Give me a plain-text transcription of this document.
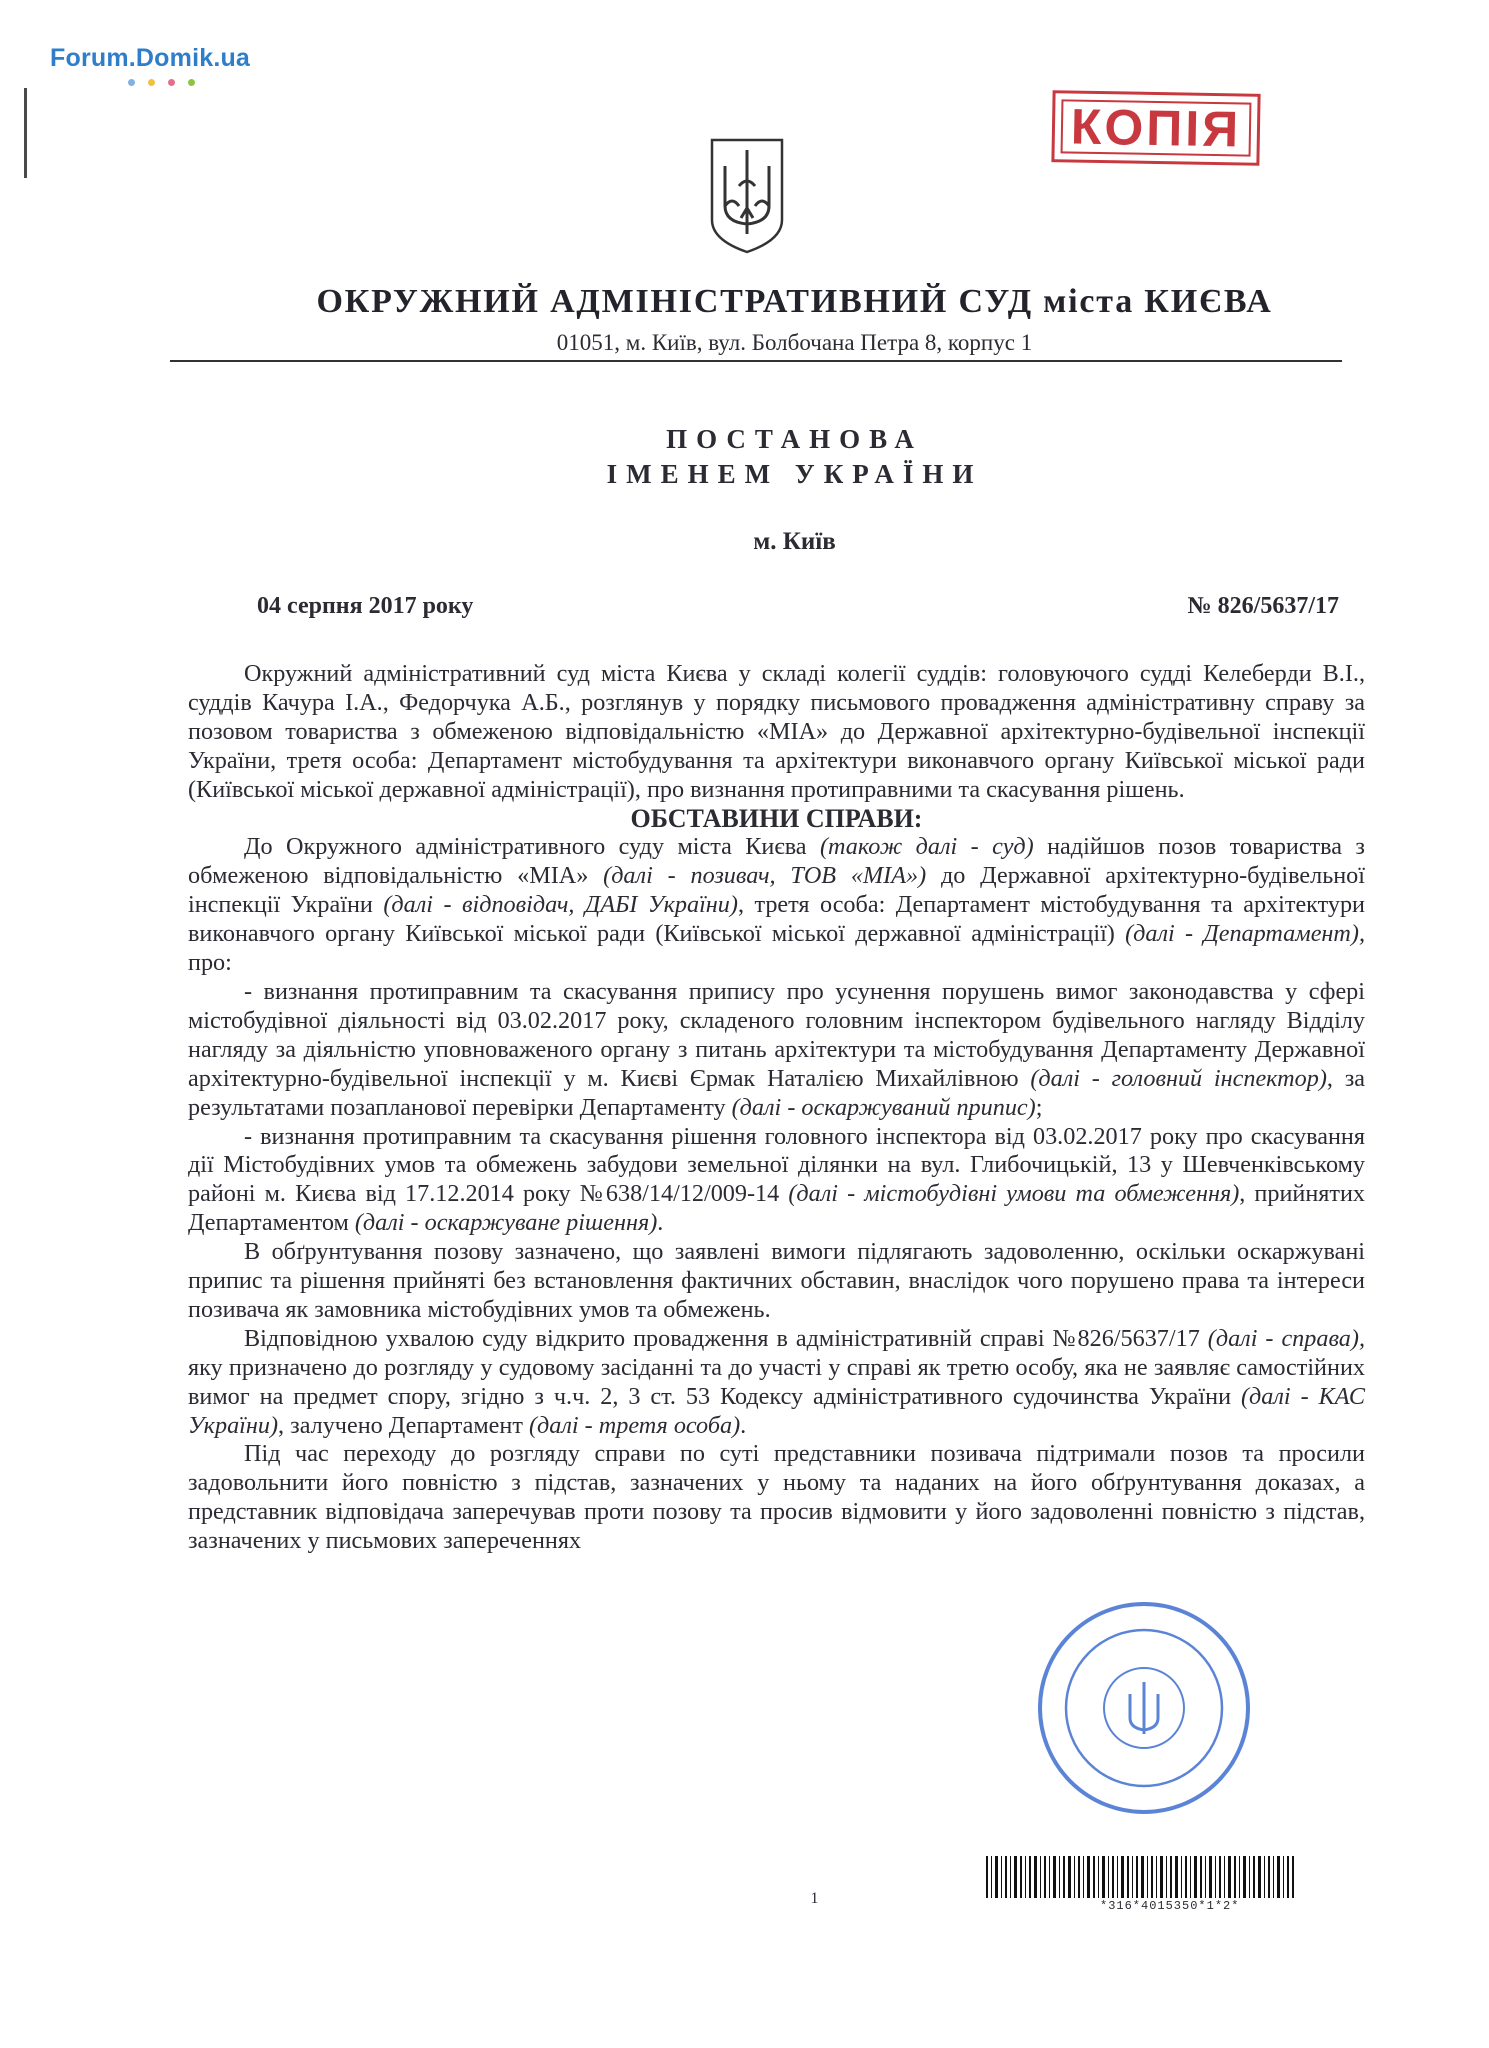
Forum.Domik.ua
КОПІЯ
ОКРУЖНИЙ АДМІНІСТРАТИВНИЙ СУД міста КИЄВА
01051, м. Київ, вул. Болбочана Петра 8, корпус 1
ПОСТАНОВА
ІМЕНЕМ УКРАЇНИ
м. Київ
04 серпня 2017 року	№ 826/5637/17

Окружний адміністративний суд міста Києва у складі колегії суддів: головуючого судді Келеберди В.І., суддів Качура І.А., Федорчука А.Б., розглянув у порядку письмового провадження адміністративну справу за позовом товариства з обмеженою відповідальністю «МІА» до Державної архітектурно-будівельної інспекції України, третя особа: Департамент містобудування та архітектури виконавчого органу Київської міської ради (Київської міської державної адміністрації), про визнання протиправними та скасування рішень.

ОБСТАВИНИ СПРАВИ:

До Окружного адміністративного суду міста Києва (також далі - суд) надійшов позов товариства з обмеженою відповідальністю «МІА» (далі - позивач, ТОВ «МІА») до Державної архітектурно-будівельної інспекції України (далі - відповідач, ДАБІ України), третя особа: Департамент містобудування та архітектури виконавчого органу Київської міської ради (Київської міської державної адміністрації) (далі - Департамент), про:

- визнання протиправним та скасування припису про усунення порушень вимог законодавства у сфері містобудівної діяльності від 03.02.2017 року, складеного головним інспектором будівельного нагляду Відділу нагляду за діяльністю уповноваженого органу з питань архітектури та містобудування Департаменту Державної архітектурно-будівельної інспекції у м. Києві Єрмак Наталією Михайлівною (далі - головний інспектор), за результатами позапланової перевірки Департаменту (далі - оскаржуваний припис);

- визнання протиправним та скасування рішення головного інспектора від 03.02.2017 року про скасування дії Містобудівних умов та обмежень забудови земельної ділянки на вул. Глибочицькій, 13 у Шевченківському районі м. Києва від 17.12.2014 року №638/14/12/009-14 (далі - містобудівні умови та обмеження), прийнятих Департаментом (далі - оскаржуване рішення).

В обґрунтування позову зазначено, що заявлені вимоги підлягають задоволенню, оскільки оскаржувані припис та рішення прийняті без встановлення фактичних обставин, внаслідок чого порушено права та інтереси позивача як замовника містобудівних умов та обмежень.

Відповідною ухвалою суду відкрито провадження в адміністративній справі №826/5637/17 (далі - справа), яку призначено до розгляду у судовому засіданні та до участі у справі як третю особу, яка не заявляє самостійних вимог на предмет спору, згідно з ч.ч. 2, 3 ст. 53 Кодексу адміністративного судочинства України (далі - КАС України), залучено Департамент (далі - третя особа).

Під час переходу до розгляду справи по суті представники позивача підтримали позов та просили задовольнити його повністю з підстав, зазначених у ньому та наданих на його обґрунтування доказах, а представник відповідача заперечував проти позову та просив відмовити у його задоволенні повністю з підстав, зазначених у письмових запереченнях

*316*4015350*1*2*
1
